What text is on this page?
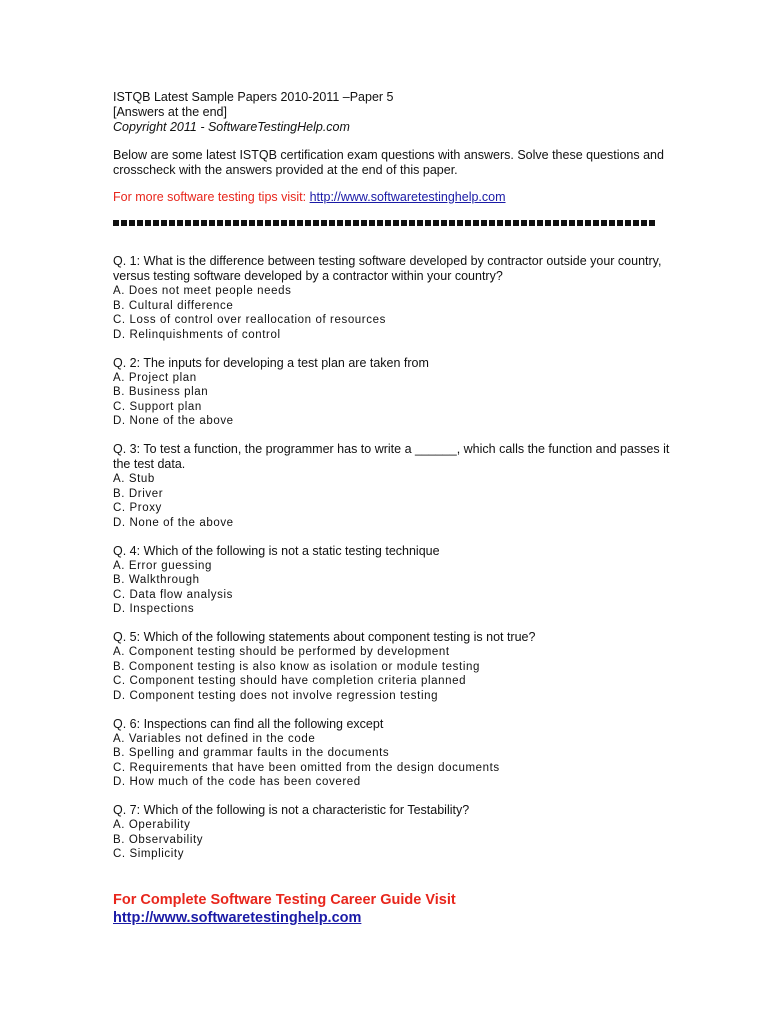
ISTQB Latest Sample Papers 2010-2011 –Paper 5
[Answers at the end]
Copyright 2011 - SoftwareTestingHelp.com
Below are some latest ISTQB certification exam questions with answers. Solve these questions and crosscheck with the answers provided at the end of this paper.
For more software testing tips visit: http://www.softwaretestinghelp.com
Q. 1: What is the difference between testing software developed by contractor outside your country, versus testing software developed by a contractor within your country?
A. Does not meet people needs
B. Cultural difference
C. Loss of control over reallocation of resources
D. Relinquishments of control
Q. 2: The inputs for developing a test plan are taken from
A. Project plan
B. Business plan
C. Support plan
D. None of the above
Q. 3: To test a function, the programmer has to write a ______, which calls the function and passes it the test data.
A. Stub
B. Driver
C. Proxy
D. None of the above
Q. 4: Which of the following is not a static testing technique
A. Error guessing
B. Walkthrough
C. Data flow analysis
D. Inspections
Q. 5: Which of the following statements about component testing is not true?
A. Component testing should be performed by development
B. Component testing is also know as isolation or module testing
C. Component testing should have completion criteria planned
D. Component testing does not involve regression testing
Q. 6: Inspections can find all the following except
A. Variables not defined in the code
B. Spelling and grammar faults in the documents
C. Requirements that have been omitted from the design documents
D. How much of the code has been covered
Q. 7: Which of the following is not a characteristic for Testability?
A. Operability
B. Observability
C. Simplicity
For Complete Software Testing Career Guide Visit
http://www.softwaretestinghelp.com
